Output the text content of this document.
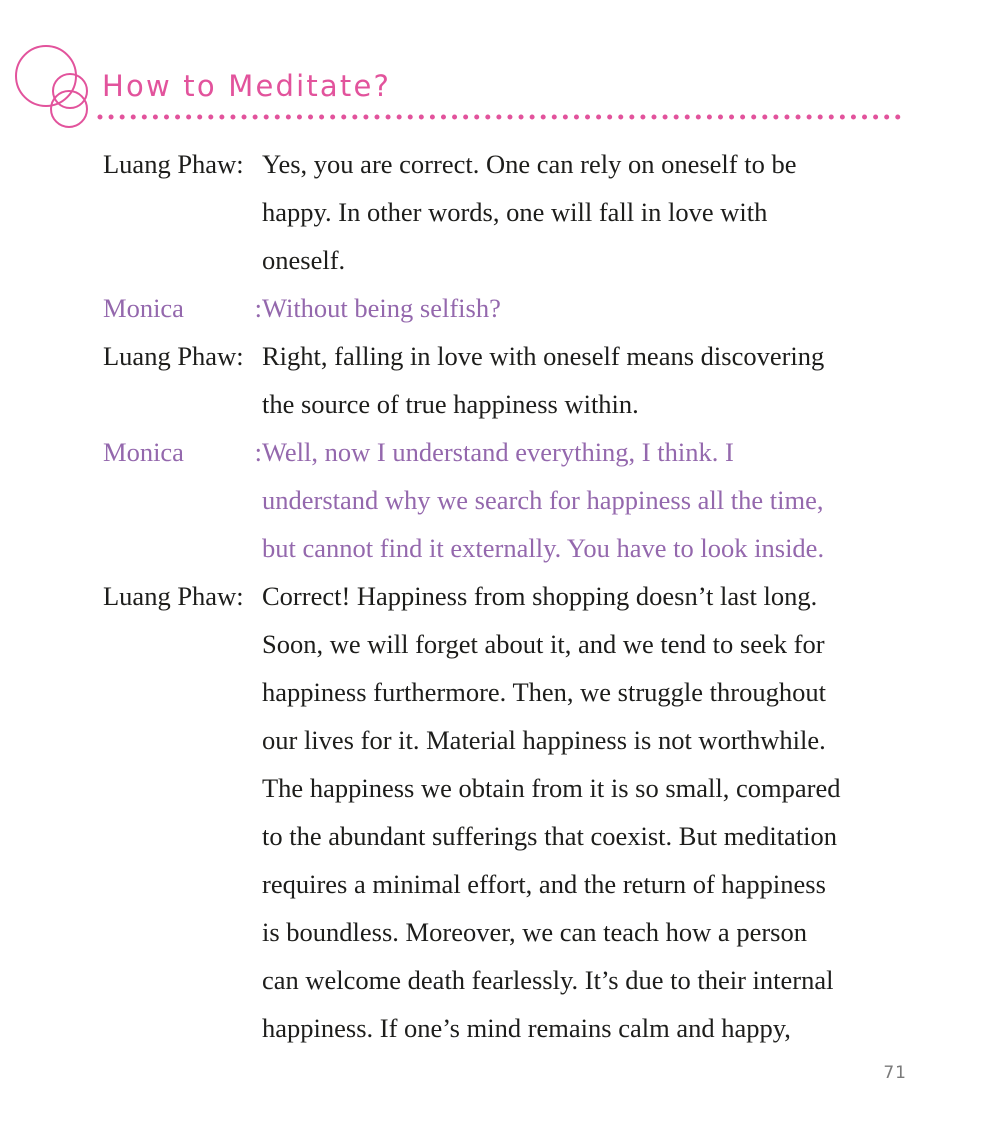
How to Meditate?
Luang Phaw : Yes, you are correct. One can rely on oneself to be
happy. In other words, one will fall in love with
oneself.
Monica	: Without being selfish?
Luang Phaw : Right, falling in love with oneself means discovering
the source of true happiness within.
Monica	: Well, now I understand everything, I think. I
understand why we search for happiness all the time,
but cannot find it externally. You have to look inside.
Luang Phaw : Correct! Happiness from shopping doesn’t last long.
Soon, we will forget about it, and we tend to seek for
happiness furthermore. Then, we struggle throughout
our lives for it. Material happiness is not worthwhile.
The happiness we obtain from it is so small, compared
to the abundant sufferings that coexist. But meditation
requires a minimal effort, and the return of happiness
is boundless. Moreover, we can teach how a person
can welcome death fearlessly. It’s due to their internal
happiness. If one’s mind remains calm and happy,

71
